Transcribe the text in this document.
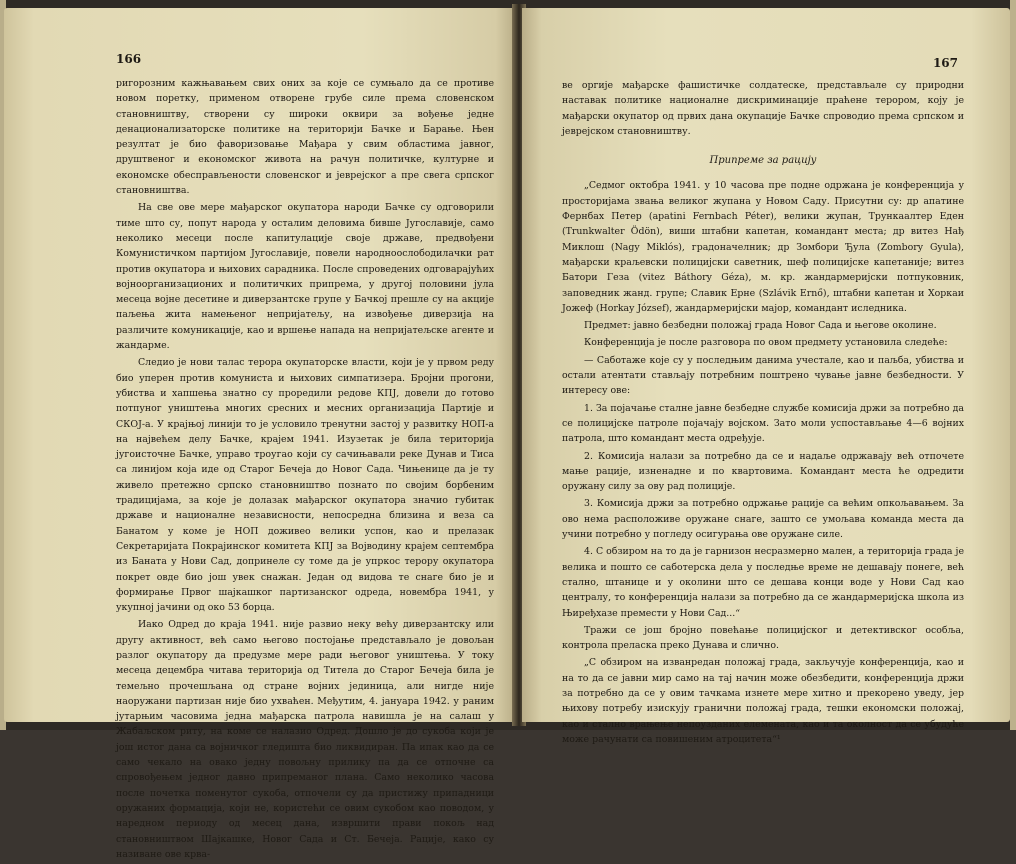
166

ригорозним кажњавањем свих оних за које се сумњало да се противе новом поретку, применом отворене грубе силе према словенском становништву, створени су широки оквири за вођење једне денационализаторске политике на територији Бачке и Барање. Њен резултат је био фаворизовање Мађара у свим областима јавног, друштвеног и економског живота на рачун политичке, културне и економске обесправљености словенског и јеврејског а пре свега српског становништва.

На све ове мере мађарског окупатора народи Бачке су одговорили тиме што су, попут народа у осталим деловима бивше Југославије, само неколико месеци после капитулације своје државе, предвођени Комунистичком партијом Југославије, повели народноослободилачки рат против окупатора и њихових сарадника. После спроведених одговарајућих војноорганизационих и политичких припрема, у другој половини јула месеца војне десетине и диверзантске групе у Бачкој прешле су на акције паљења жита намењеног непријатељу, на извођење диверзија на различите комуникације, као и вршење напада на непријатељске агенте и жандарме.

Следио је нови талас терора окупаторске власти, који је у првом реду био уперен против комуниста и њихових симпатизера. Бројни прогони, убиства и хапшења знатно су проредили редове КПЈ, довели до готово потпуног уништења многих сресних и месних организација Партије и СКОЈ-а. У крајњој линији то је условило тренутни застој у развитку НОП-а на највећем делу Бачке, крајем 1941. Изузетак је била територија југоисточне Бачке, управо троугао који су сачињавали реке Дунав и Тиса са линијом која иде од Старог Бечеја до Новог Сада. Чињенице да је ту живело претежно српско становништво познато по својим борбеним традицијама, за које је долазак мађарског окупатора значио губитак државе и националне независности, непосредна близина и веза са Банатом у коме је НОП доживео велики успон, као и прелазак Секретаријата Покрајинског комитета КПЈ за Војводину крајем септембра из Баната у Нови Сад, допринеле су томе да је упркос терору окупатора покрет овде био још увек снажан. Један од видова те снаге био је и формирање Првог шајкашког партизанског одреда, новембра 1941, у укупној јачини од око 53 борца.

Иако Одред до краја 1941. није развио неку већу диверзантску или другу активност, већ само његово постојање представљало је довољан разлог окупатору да предузме мере ради његовог уништења. У току месеца децембра читава територија од Тителa до Старог Бечеја била је темељно прочешљана од стране војних јединица, али нигде није наоружани партизан није био ухваћен. Међутим, 4. јануара 1942. у раним јутарњим часовима једна мађарска патрола навишла је на салаш у Жабаљском риту, на коме се налазио Одред. Дошло је до сукоба који је још истог дана са војничког гледишта био ликвидиран. Па ипак као да се само чекало на овако једну повољну прилику па да се отпочне са спровођењем једног давно припреманог плана. Само неколико часова после почетка поменутог сукоба, отпочели су да пристижу припадници оружаних формација, који не, користећи се овим сукобом као поводом, у наредном периоду од месец дана, извршити прави покољ над становништвом Шајкашке, Новог Сада и Ст. Бечеја. Рације, како су називане ове крва-

167

ве оргије мађарске фашистичке солдатеске, представљале су природни наставак политике националне дискриминације праћене терором, коју је мађарски окупатор од првих дана окупације Бачке спроводио према српском и јеврејском становништву.

Припреме за рацију

„Седмог октобра 1941. у 10 часова пре подне одржана је конференција у просторијама звања великог жупана у Новом Саду. Присутни су: др апатине Фернбах Петер (apatini Fernbach Péter), велики жупан, Трункаалтер Еден (Trunkwalter Ödön), виши штабни капетан, командант места; др витез Нађ Миклош (Nagy Miklós), градоначелник; др Зомбори Ђула (Zombory Gyula), мађарски краљевски полицијски саветник, шеф полицијске капетаније; витез Батори Геза (vitez Báthory Géza), м. кр. жандармеријски потпуковник, заповедник жанд. групе; Славик Ерне (Szlávik Ernő), штабни капетан и Хоркаи Јожеф (Horkay József), жандармеријски мајор, командант иследника.

Предмет: јавно безбедни положај града Новог Сада и његове околине.

Конференција је после разговора по овом предмету установила следеће:

— Саботаже које су у последњим данима учестале, као и паљба, убиства и остали атентати стављају потребним поштрено чување јавне безбедности. У интересу ове:

1. За појачање сталне јавне безбедне службе комисија држи за потребно да се полицијске патроле појачају војском. Зато моли успостављање 4—6 војних патрола, што командант места одређује.

2. Комисија налази за потребно да се и надаље одржавају већ отпочете мање рације, изненадне и по квартовима. Командант места ће одредити оружану силу за ову рад полиције.

3. Комисија држи за потребно одржање рације са већим опкољавањем. За ово нема расположиве оружане снаге, зашто се умољава команда места да учини потребно у погледу осигурања ове оружане силе.

4. С обзиром на то да је гарнизон несразмерно мален, а територија града је велика и пошто се саботерска дела у последње време не дешавају понеге, већ стално, штанице и у околини што се дешава конци воде у Нови Сад као централу, то конференција налази за потребно да се жандармеријска школа из Њиређхазе премести у Нови Сад...“

Тражи се још бројно повећање полицијског и детективског особља, контрола преласка преко Дунава и слично.

„С обзиром на изванредан положај града, закључује конференција, као и на то да се јавни мир само на тај начин може обезбедити, конференција држи за потребно да се у овим тачкама изнете мере хитно и прекорено уведу, јер њихову потребу изискују гранични положај града, тешки економски положај, као и стално врањење непоузданих елемената, као и та околност да се убудуће може рачунати са повишеним атроцитета“¹
